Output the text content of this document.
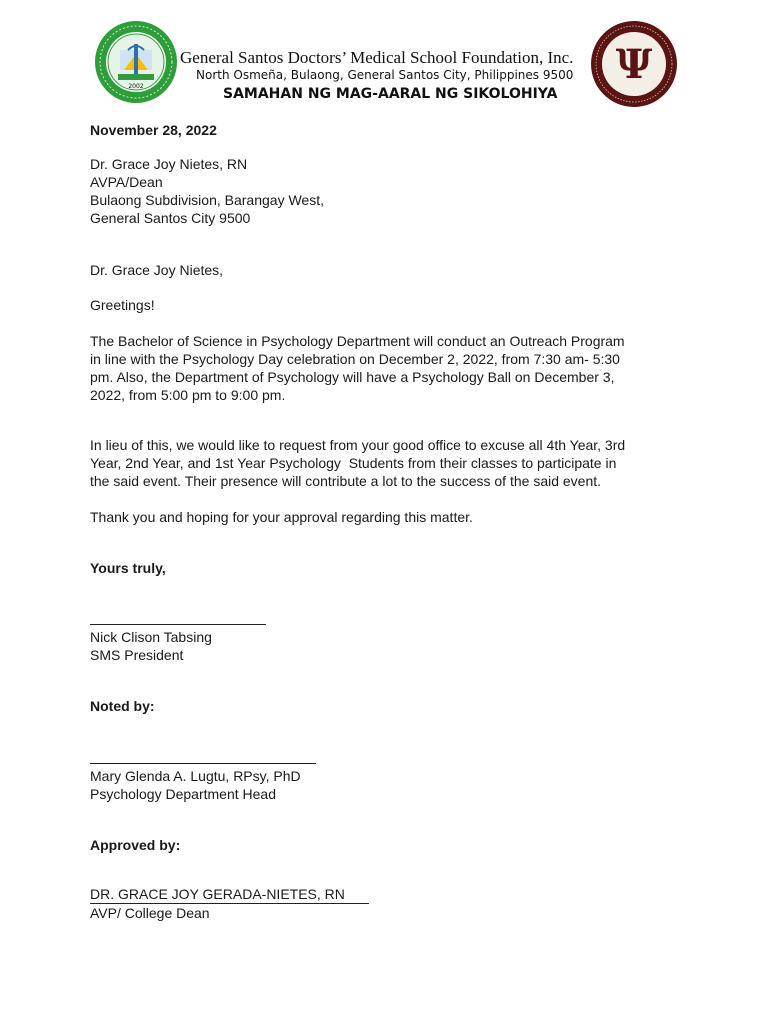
2002
General Santos Doctors’ Medical School Foundation, Inc.
North Osmeña, Bulaong, General Santos City, Philippines 9500
SAMAHAN NG MAG-AARAL NG SIKOLOHIYA
Ψ
November 28, 2022
Dr. Grace Joy Nietes, RN
AVPA/Dean
Bulaong Subdivision, Barangay West,
General Santos City 9500
Dr. Grace Joy Nietes,
Greetings!
The Bachelor of Science in Psychology Department will conduct an Outreach Program
in line with the Psychology Day celebration on December 2, 2022, from 7:30 am- 5:30
pm. Also, the Department of Psychology will have a Psychology Ball on December 3,
2022, from 5:00 pm to 9:00 pm.
In lieu of this, we would like to request from your good office to excuse all 4th Year, 3rd
Year, 2nd Year, and 1st Year Psychology  Students from their classes to participate in
the said event. Their presence will contribute a lot to the success of the said event.
Thank you and hoping for your approval regarding this matter.
Yours truly,
Nick Clison Tabsing
SMS President
Noted by:
Mary Glenda A. Lugtu, RPsy, PhD
Psychology Department Head
Approved by:
DR. GRACE JOY GERADA-NIETES, RN
AVP/ College Dean
